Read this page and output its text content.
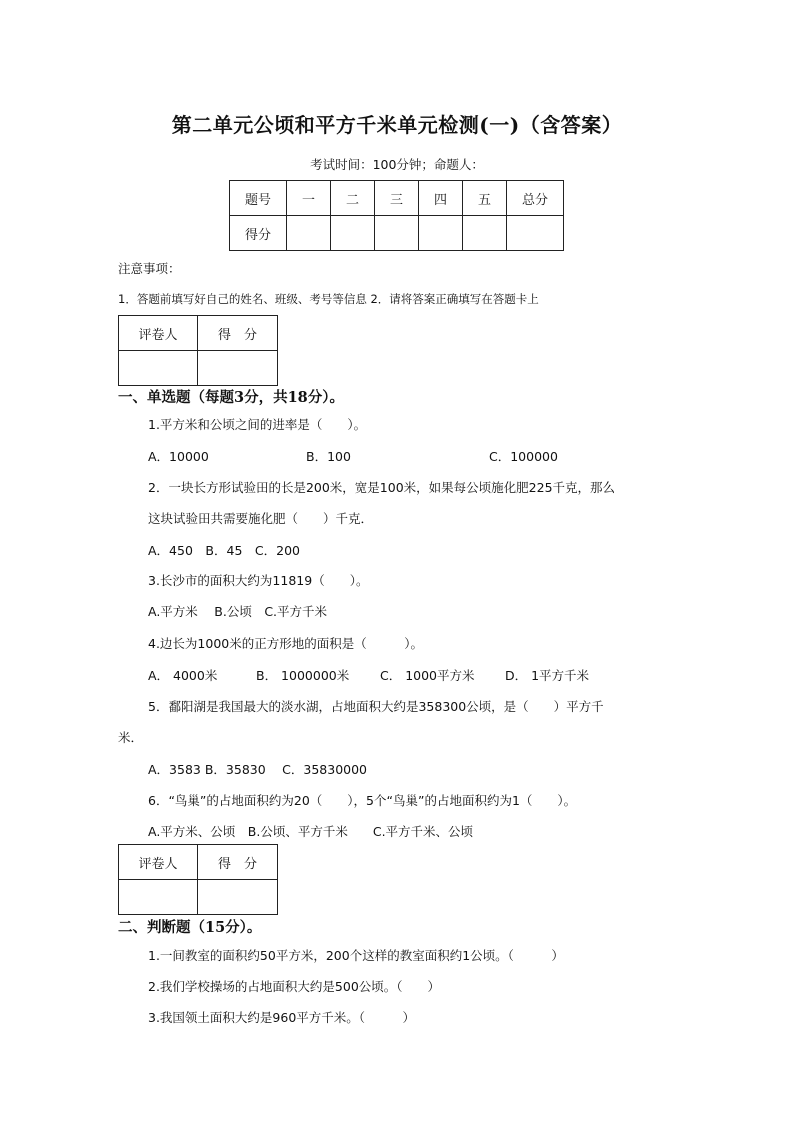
第二单元公顷和平方千米单元检测(一)（含答案）
考试时间：100分钟；命题人：
题号	一	二	三	四	五	总分
得分						
注意事项：
1．答题前填写好自己的姓名、班级、考号等信息 2．请将答案正确填写在答题卡上
评卷人	得　分

一、单选题（每题3分，共18分）。
1.平方米和公顷之间的进率是（　　）。
A．10000	B．100	C．100000
2．一块长方形试验田的长是200米，宽是100米，如果每公顷施化肥225千克，那么
这块试验田共需要施化肥（　　）千克．
A．450　B．45　C．200
3.长沙市的面积大约为11819（　　）。
A.平方米　 B.公顷　C.平方千米
4.边长为1000米的正方形地的面积是（　　　）。
A． 4000米	B． 1000000米 C． 1000平方米 D． 1平方千米
5．鄱阳湖是我国最大的淡水湖，占地面积大约是358300公顷，是（　　）平方千
米．
A．3583 B．35830　 C．35830000
6．“鸟巢”的占地面积约为20（　　），5个“鸟巢”的占地面积约为1（　　）。
A.平方米、公顷　B.公顷、平方千米　　C.平方千米、公顷
评卷人	得　分

二、判断题（15分）。
1.一间教室的面积约50平方米，200个这样的教室面积约1公顷。（　　　）
2.我们学校操场的占地面积大约是500公顷。（　　）
3.我国领土面积大约是960平方千米。（　　　）
